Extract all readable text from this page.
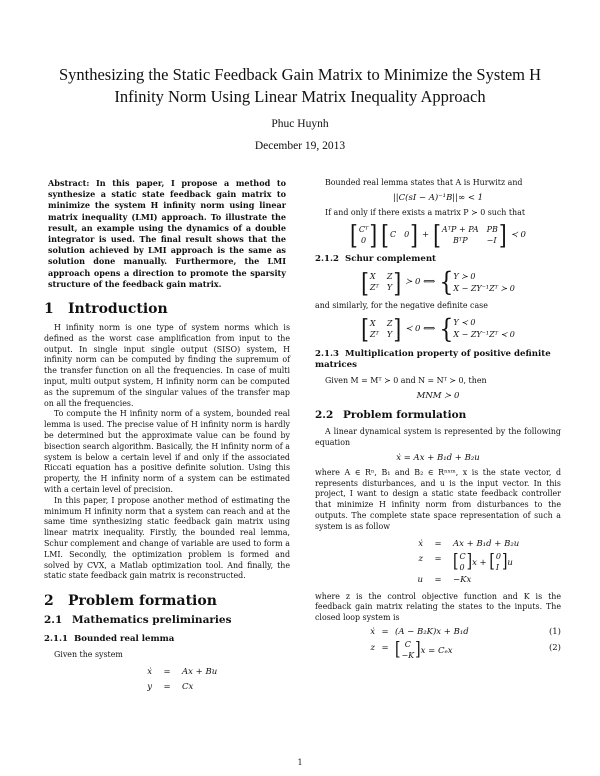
Synthesizing the Static Feedback Gain Matrix to Minimize the System H Infinity Norm Using Linear Matrix Inequality Approach
Phuc Huynh
December 19, 2013
Abstract: In this paper, I propose a method to synthesize a static state feedback gain matrix to minimize the system H infinity norm using linear matrix inequality (LMI) approach. To illustrate the result, an example using the dynamics of a double integrator is used. The final result shows that the solution achieved by LMI approach is the same as solution done manually. Furthermore, the LMI approach opens a direction to promote the sparsity structure of the feedback gain matrix.
1 Introduction

H infinity norm is one type of system norms which is defined as the worst case amplification from input to the output. In single input single output (SISO) system, H infinity norm can be computed by finding the supremum of the transfer function on all the frequencies. In case of multi input, multi output system, H infinity norm can be computed as the supremum of the singular values of the transfer map on all the frequencies.

To compute the H infinity norm of a system, bounded real lemma is used. The precise value of H infinity norm is hardly be determined but the approximate value can be found by bisection search algorithm. Basically, the H infinity norm of a system is below a certain level if and only if the associated Riccati equation has a positive definite solution. Using this property, the H infinity norm of a system can be estimated with a certain level of precision.

In this paper, I propose another method of estimating the minimum H infinity norm that a system can reach and at the same time synthesizing static feedback gain matrix using linear matrix inequality. Firstly, the bounded real lemma, Schur complement and change of variable are used to form a LMI. Secondly, the optimization problem is formed and solved by CVX, a Matlab optimization tool. And finally, the static state feedback gain matrix is reconstructed.

2 Problem formation
2.1 Mathematics preliminaries
2.1.1 Bounded real lemma

Given the system

ẋ	=	Ax + Bu
y	=	Cx

Bounded real lemma states that A is Hurwitz and

||C(sI − A)⁻¹B||∞ < 1

If and only if there exists a matrix P ≻ 0 such that

[ Cᵀ
0 ] [ C 0 ] + [ AᵀP + PA PB
BᵀP	−I ] ≺ 0
2.1.2 Schur complement
[ X	Z
Zᵀ Y ] ≻ 0 ⟺ { Y ≻ 0
X − ZY⁻¹Zᵀ ≻ 0

and similarly, for the negative definite case

[ X	Z
Zᵀ Y ] ≺ 0 ⟺ { Y ≺ 0
X − ZY⁻¹Zᵀ ≺ 0
2.1.3 Multiplication property of positive definite matrices

Given M = Mᵀ ≻ 0 and N = Nᵀ ≻ 0, then

MNM ≻ 0
2.2 Problem formulation

A linear dynamical system is represented by the following equation

ẋ = Ax + B₁d + B₂u

where A ∈ Rⁿ, B₁ and B₂ ∈ Rⁿˣᵐ, x is the state vector, d represents disturbances, and u is the input vector. In this project, I want to design a static state feedback controller that minimize H infinity norm from disturbances to the outputs. The complete state space representation of such a system is as follow

ẋ	=	Ax + B₁d + B₂u
z	= [ C
0 ] x + [ 0
I ] u
u	=	−Kx

where z is the control objective function and K is the feedback gain matrix relating the states to the inputs. The closed loop system is

ẋ = (A − B₂K)x + B₁d	(1)
z = [ C
−K ] x = Cₑx	(2)
1
